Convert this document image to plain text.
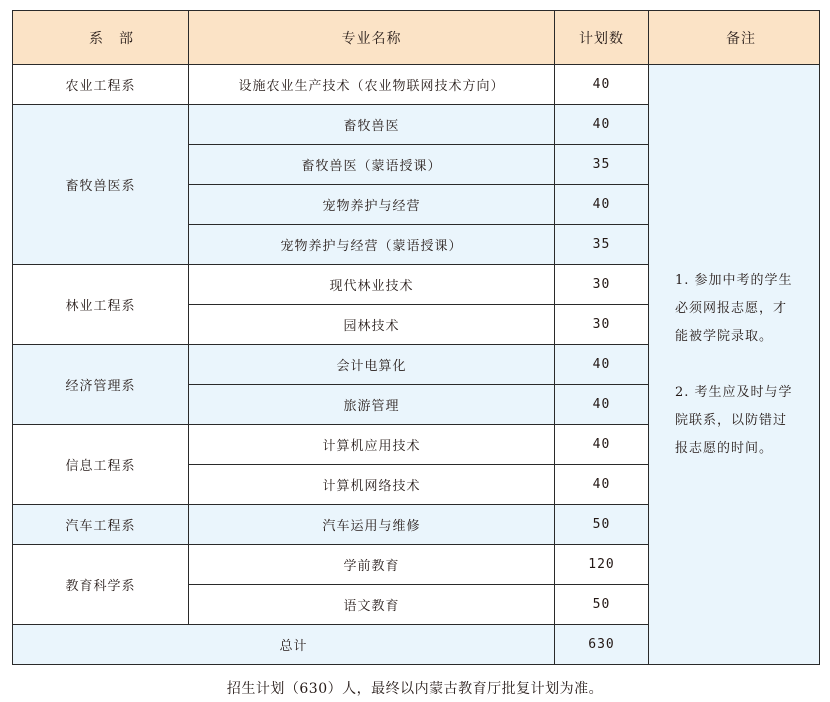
系　部	专业名称	计划数	备注	
农业工程系	设施农业生产技术（农业物联网技术方向）	40	1. 参加中考的学生必须网报志愿，才能被学院录取。

2. 考生应及时与学院联系，以防错过报志愿的时间。	

畜牧兽医系	畜牧兽医	40		
	畜牧兽医（蒙语授课）	35		
	宠物养护与经营	40		
	宠物养护与经营（蒙语授课）	35		
林业工程系	现代林业技术	30		
	园林技术	30		
经济管理系	会计电算化	40		
	旅游管理	40		
信息工程系	计算机应用技术	40		
	计算机网络技术	40		
汽车工程系	汽车运用与维修	50		
教育科学系	学前教育	120		
	语文教育	50		
总计		630		
招生计划（630）人，最终以内蒙古教育厅批复计划为准。
